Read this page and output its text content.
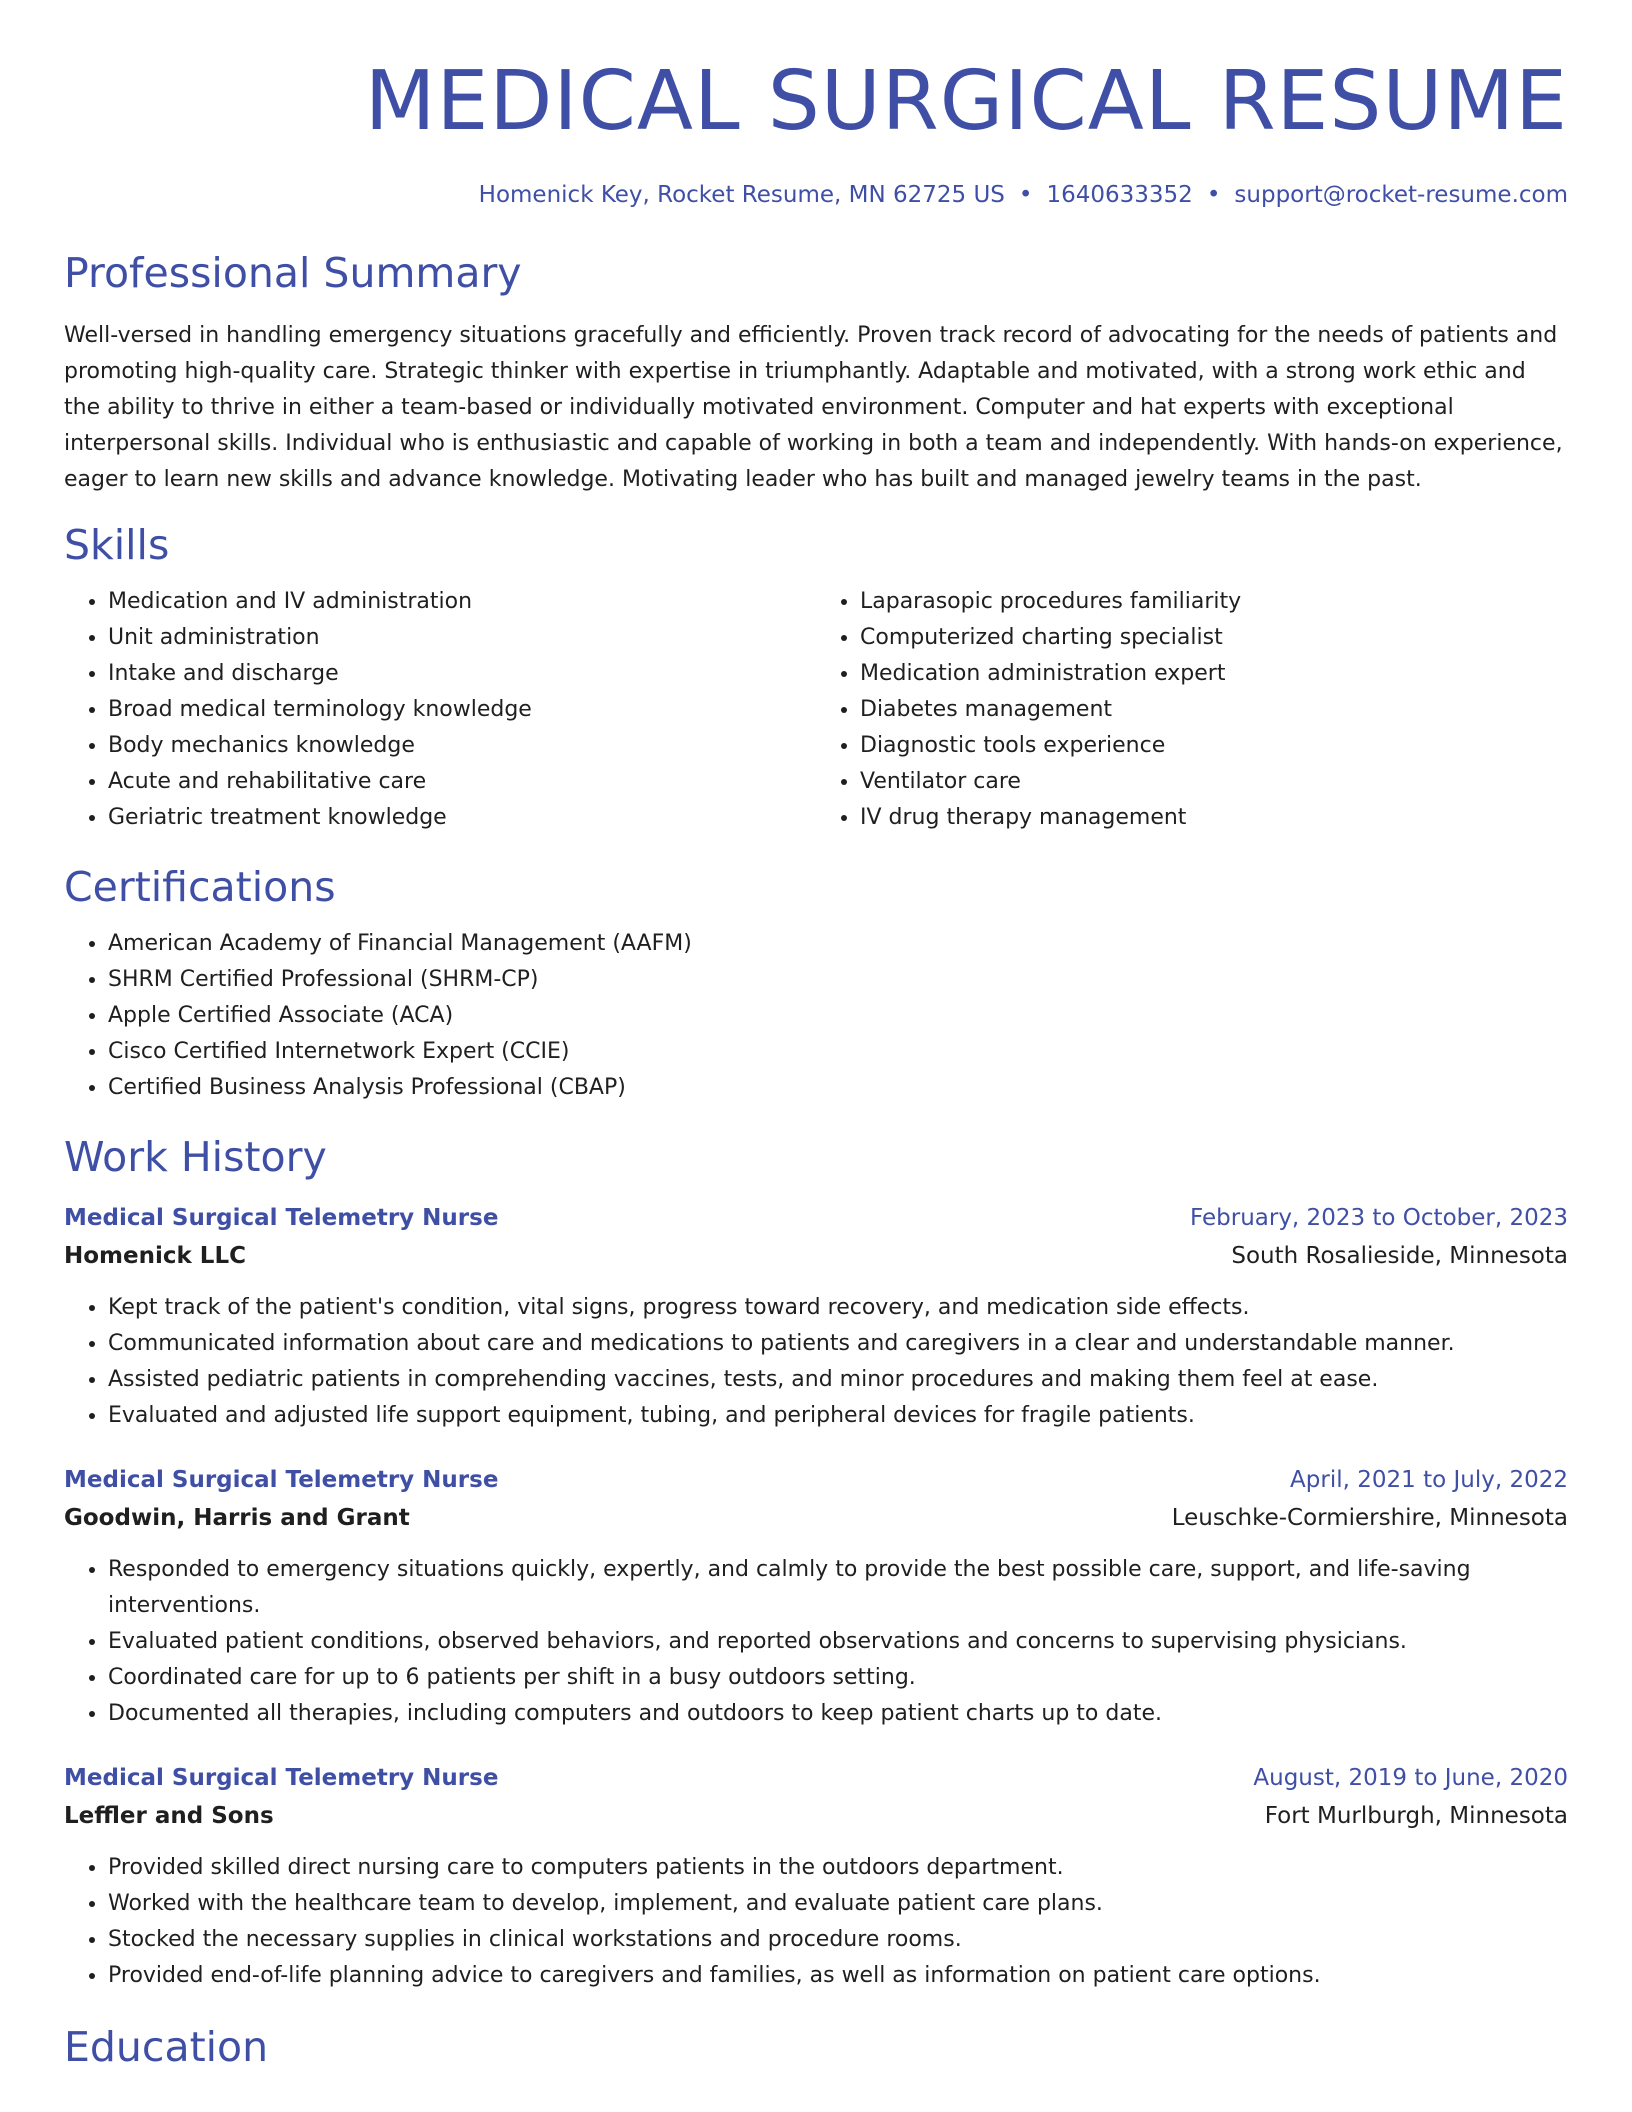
MEDICAL SURGICAL RESUME
Homenick Key, Rocket Resume, MN 62725 US • 1640633352 • support@rocket-resume.com
Professional Summary
Well-versed in handling emergency situations gracefully and efficiently. Proven track record of advocating for the needs of patients and promoting high-quality care. Strategic thinker with expertise in triumphantly. Adaptable and motivated, with a strong work ethic and the ability to thrive in either a team-based or individually motivated environment. Computer and hat experts with exceptional interpersonal skills. Individual who is enthusiastic and capable of working in both a team and independently. With hands-on experience, eager to learn new skills and advance knowledge. Motivating leader who has built and managed jewelry teams in the past.
Skills
• Medication and IV administration
• Unit administration
• Intake and discharge
• Broad medical terminology knowledge
• Body mechanics knowledge
• Acute and rehabilitative care
• Geriatric treatment knowledge
• Laparasopic procedures familiarity
• Computerized charting specialist
• Medication administration expert
• Diabetes management
• Diagnostic tools experience
• Ventilator care
• IV drug therapy management
Certifications
• American Academy of Financial Management (AAFM)
• SHRM Certified Professional (SHRM-CP)
• Apple Certified Associate (ACA)
• Cisco Certified Internetwork Expert (CCIE)
• Certified Business Analysis Professional (CBAP)
Work History
Medical Surgical Telemetry Nurse	February, 2023 to October, 2023
Homenick LLC	South Rosalieside, Minnesota
• Kept track of the patient's condition, vital signs, progress toward recovery, and medication side effects.
• Communicated information about care and medications to patients and caregivers in a clear and understandable manner.
• Assisted pediatric patients in comprehending vaccines, tests, and minor procedures and making them feel at ease.
• Evaluated and adjusted life support equipment, tubing, and peripheral devices for fragile patients.
Medical Surgical Telemetry Nurse	April, 2021 to July, 2022
Goodwin, Harris and Grant	Leuschke-Cormiershire, Minnesota
• Responded to emergency situations quickly, expertly, and calmly to provide the best possible care, support, and life-saving interventions.
• Evaluated patient conditions, observed behaviors, and reported observations and concerns to supervising physicians.
• Coordinated care for up to 6 patients per shift in a busy outdoors setting.
• Documented all therapies, including computers and outdoors to keep patient charts up to date.
Medical Surgical Telemetry Nurse	August, 2019 to June, 2020
Leffler and Sons	Fort Murlburgh, Minnesota
• Provided skilled direct nursing care to computers patients in the outdoors department.
• Worked with the healthcare team to develop, implement, and evaluate patient care plans.
• Stocked the necessary supplies in clinical workstations and procedure rooms.
• Provided end-of-life planning advice to caregivers and families, as well as information on patient care options.
Education
